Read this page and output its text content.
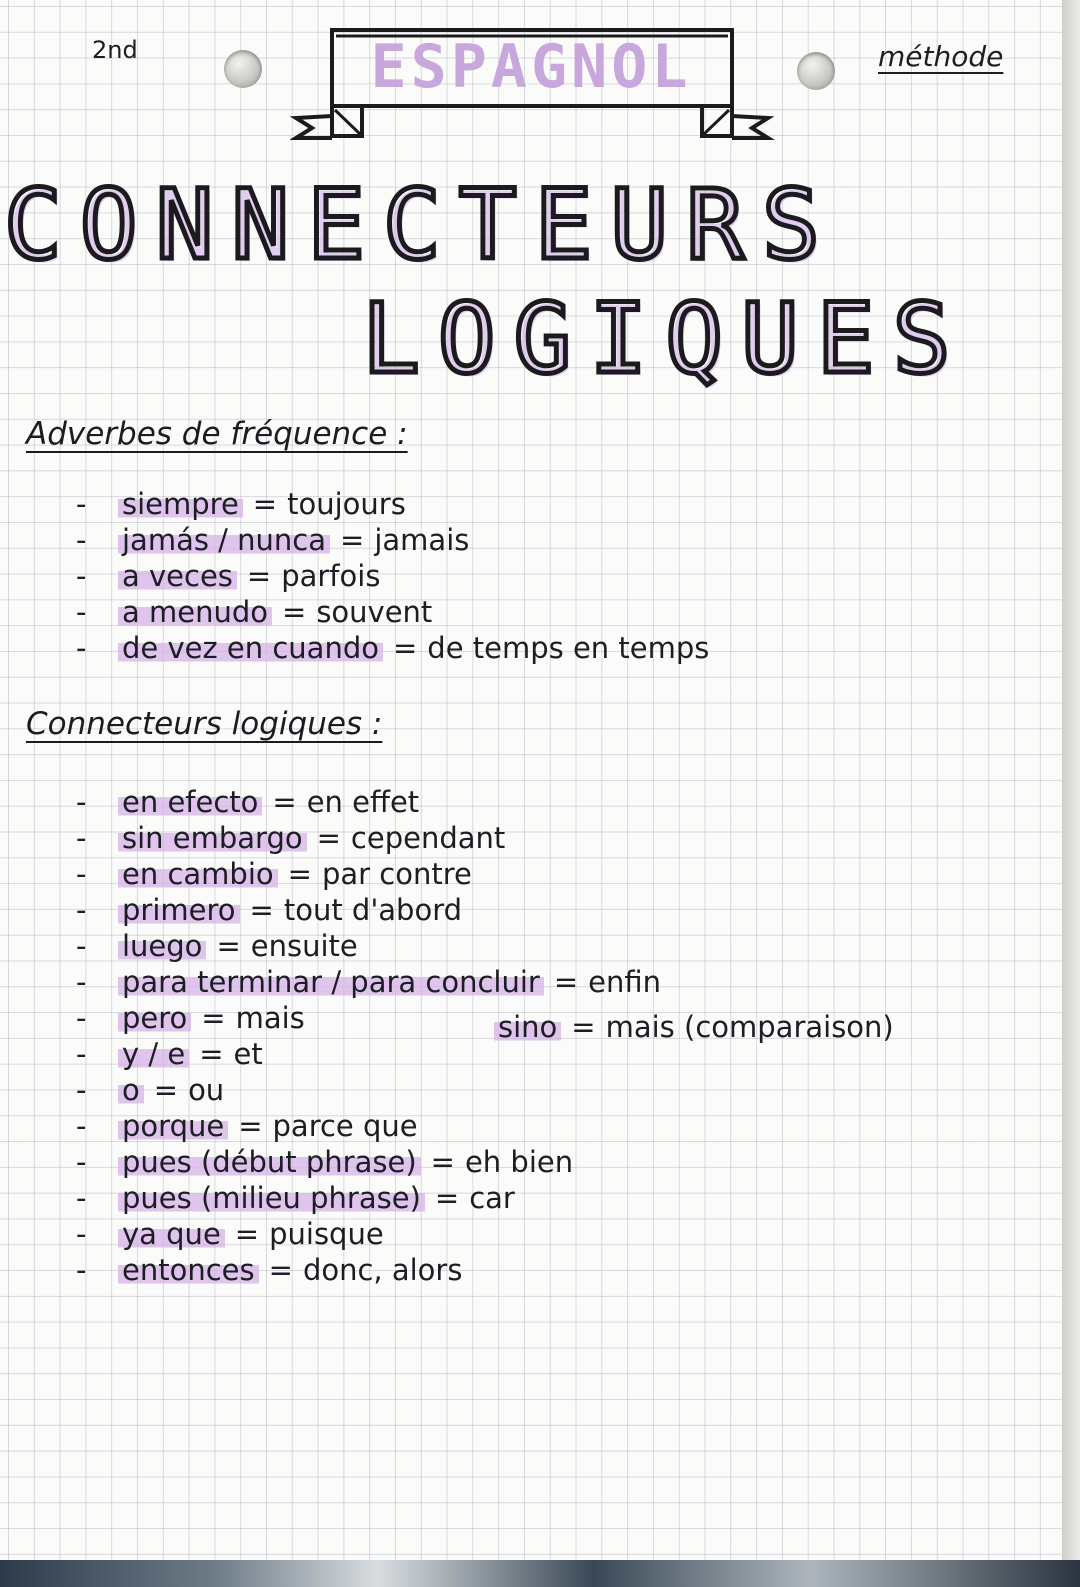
2nd	méthode
ESPAGNOL
CONNECTEURS
LOGIQUES
Adverbes de fréquence :
- siempre = toujours
- jamás / nunca = jamais
- a veces = parfois
- a menudo = souvent
- de vez en cuando = de temps en temps
Connecteurs logiques :
- en efecto = en effet
- sin embargo = cependant
- en cambio = par contre
- primero = tout d'abord
- luego = ensuite
- para terminar / para concluir = enfin
- pero = mais
- y / e = et
- o = ou
- porque = parce que
- pues (début phrase) = eh bien
- pues (milieu phrase) = car
- ya que = puisque
- entonces = donc, alors
sino = mais (comparaison)
